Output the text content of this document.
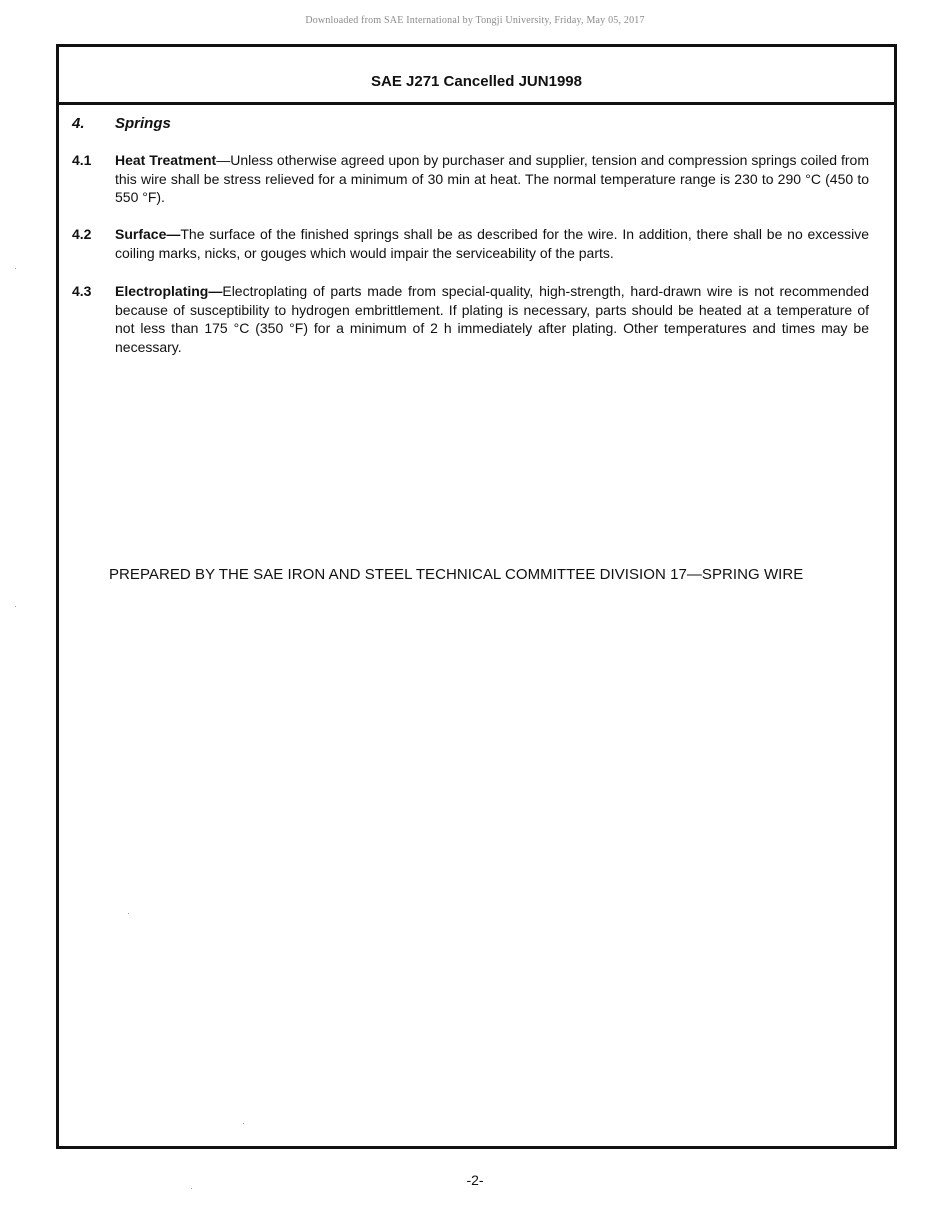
Downloaded from SAE International by Tongji University, Friday, May 05, 2017
SAE J271 Cancelled JUN1998
4. Springs
4.1 Heat Treatment—Unless otherwise agreed upon by purchaser and supplier, tension and compression springs coiled from this wire shall be stress relieved for a minimum of 30 min at heat. The normal temperature range is 230 to 290 °C (450 to 550 °F).
4.2 Surface—The surface of the finished springs shall be as described for the wire. In addition, there shall be no excessive coiling marks, nicks, or gouges which would impair the serviceability of the parts.
4.3 Electroplating—Electroplating of parts made from special-quality, high-strength, hard-drawn wire is not recommended because of susceptibility to hydrogen embrittlement. If plating is necessary, parts should be heated at a temperature of not less than 175 °C (350 °F) for a minimum of 2 h immediately after plating. Other temperatures and times may be necessary.
PREPARED BY THE SAE IRON AND STEEL TECHNICAL COMMITTEE DIVISION 17—SPRING WIRE
-2-
